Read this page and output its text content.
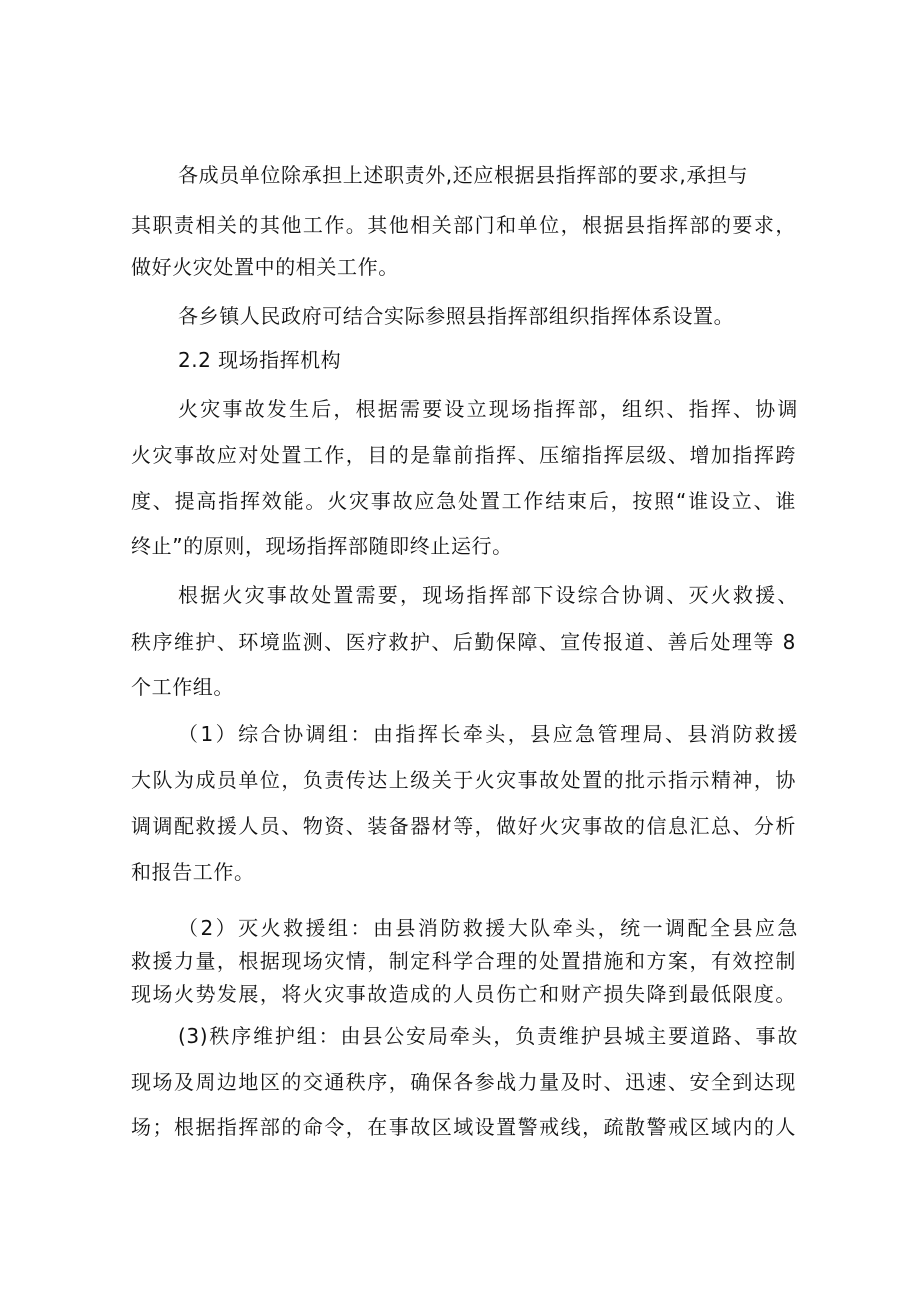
各成员单位除承担上述职责外,还应根据县指挥部的要求,承担与
其职责相关的其他工作。其他相关部门和单位，根据县指挥部的要求，
做好火灾处置中的相关工作。
各乡镇人民政府可结合实际参照县指挥部组织指挥体系设置。
2.2 现场指挥机构
火灾事故发生后，根据需要设立现场指挥部，组织、指挥、协调
火灾事故应对处置工作，目的是靠前指挥、压缩指挥层级、增加指挥跨
度、提高指挥效能。火灾事故应急处置工作结束后，按照“谁设立、谁
终止”的原则，现场指挥部随即终止运行。
根据火灾事故处置需要，现场指挥部下设综合协调、灭火救援、
秩序维护、环境监测、医疗救护、后勤保障、宣传报道、善后处理等 8
个工作组。
（1）综合协调组：由指挥长牵头，县应急管理局、县消防救援
大队为成员单位，负责传达上级关于火灾事故处置的批示指示精神，协
调调配救援人员、物资、装备器材等，做好火灾事故的信息汇总、分析
和报告工作。
（2）灭火救援组：由县消防救援大队牵头，统一调配全县应急
救援力量，根据现场灾情，制定科学合理的处置措施和方案，有效控制
现场火势发展，将火灾事故造成的人员伤亡和财产损失降到最低限度。
(3)秩序维护组：由县公安局牵头，负责维护县城主要道路、事故
现场及周边地区的交通秩序，确保各参战力量及时、迅速、安全到达现
场；根据指挥部的命令，在事故区域设置警戒线，疏散警戒区域内的人
